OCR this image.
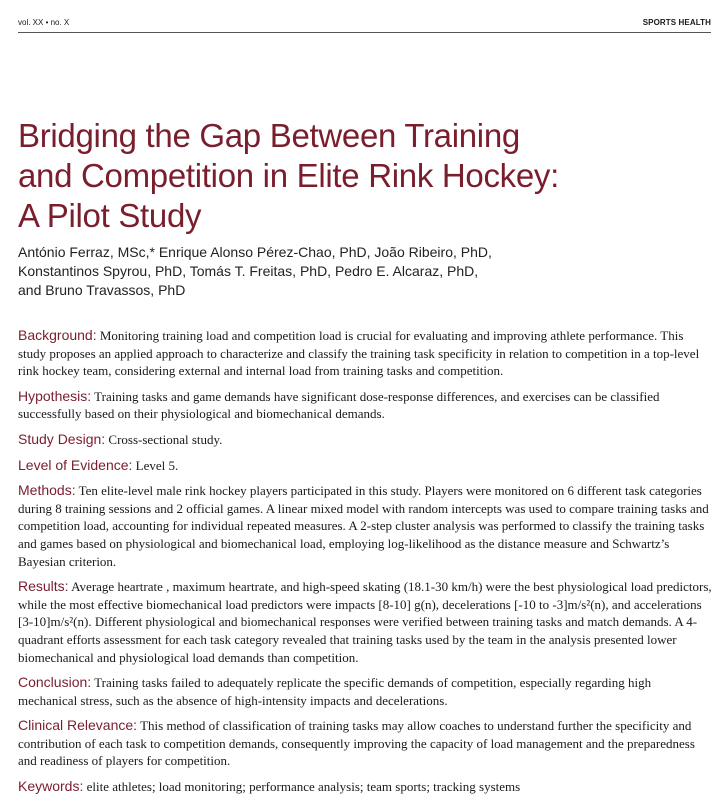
vol. XX • no. X	SPORTS HEALTH
Bridging the Gap Between Training
and Competition in Elite Rink Hockey:
A Pilot Study
António Ferraz, MSc,* Enrique Alonso Pérez-Chao, PhD, João Ribeiro, PhD,
Konstantinos Spyrou, PhD, Tomás T. Freitas, PhD, Pedro E. Alcaraz, PhD,
and Bruno Travassos, PhD

Background: Monitoring training load and competition load is crucial for evaluating and improving athlete performance. This study proposes an applied approach to characterize and classify the training task specificity in relation to competition in a top-level rink hockey team, considering external and internal load from training tasks and competition.

Hypothesis: Training tasks and game demands have significant dose-response differences, and exercises can be classified successfully based on their physiological and biomechanical demands.

Study Design: Cross-sectional study.

Level of Evidence: Level 5.

Methods: Ten elite-level male rink hockey players participated in this study. Players were monitored on 6 different task categories during 8 training sessions and 2 official games. A linear mixed model with random intercepts was used to compare training tasks and competition load, accounting for individual repeated measures. A 2-step cluster analysis was performed to classify the training tasks and games based on physiological and biomechanical load, employing log-likelihood as the distance measure and Schwartz’s Bayesian criterion.

Results: Average heartrate , maximum heartrate, and high-speed skating (18.1-30 km/h) were the best physiological load predictors, while the most effective biomechanical load predictors were impacts [8-10] g(n), decelerations [-10 to -3]m/s²(n), and accelerations [3-10]m/s²(n). Different physiological and biomechanical responses were verified between training tasks and match demands. A 4-quadrant efforts assessment for each task category revealed that training tasks used by the team in the analysis presented lower biomechanical and physiological load demands than competition.

Conclusion: Training tasks failed to adequately replicate the specific demands of competition, especially regarding high mechanical stress, such as the absence of high-intensity impacts and decelerations.

Clinical Relevance: This method of classification of training tasks may allow coaches to understand further the specificity and contribution of each task to competition demands, consequently improving the capacity of load management and the preparedness and readiness of players for competition.

Keywords: elite athletes; load monitoring; performance analysis; team sports; tracking systems
